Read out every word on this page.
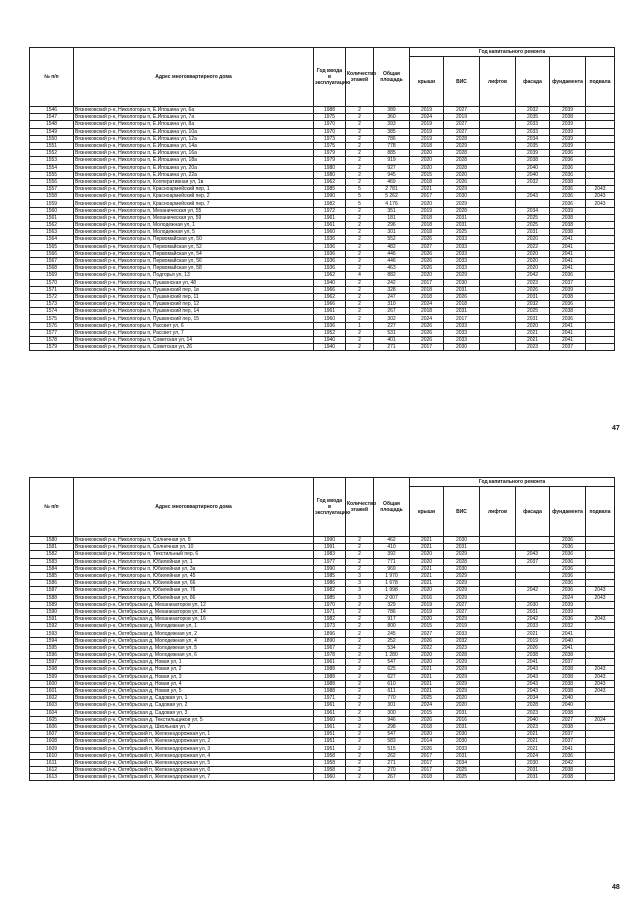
№ п/п	Адрес многоквартирного дома	Год ввода в эксплуатацию	Количество этажей	Общая площадь	Год капитального ремонта					
					крыши	ВИС	лифтов	фасада	фундамента	подвала
1546	Вязниковский р-н, Никологоры п, Е.Ипошина ул, 6а	1988	2	389	2019	2027		2032	2039	
1547	Вязниковский р-н, Никологоры п, Е.Ипошина ул, 7а	1975	2	360	2024	2019		2035	2038	
1548	Вязниковский р-н, Никологоры п, Е.Ипошина ул, 8а	1970	2	393	2019	2027		2033	2039	
1549	Вязниковский р-н, Никологоры п, Е.Ипошина ул, 10а	1970	2	385	2019	2027		2033	2039	
1550	Вязниковский р-н, Никологоры п, Е.Ипошина ул, 12а	1973	2	786	2019	2028		2034	2039	
1551	Вязниковский р-н, Никологоры п, Е.Ипошина ул, 14а	1975	2	778	2018	2029		2035	2039	
1552	Вязниковский р-н, Никологоры п, Е.Ипошина ул, 16а	1979	2	885	2020	2028		2039	2036	
1553	Вязниковский р-н, Никологоры п, Е.Ипошина ул, 18а	1979	2	919	2020	2028		2038	2036	
1554	Вязниковский р-н, Никологоры п, Е.Ипошина ул, 20а	1980	2	927	2020	2028		2040	2036	
1555	Вязниковский р-н, Никологоры п, Е.Ипошина ул, 22а	1980	2	945	2015	2020		2040	2036	
1556	Вязниковский р-н, Никологоры п, Кооперативная ул, 1в	1962	2	469	2018	2026		2032	2038	
1557	Вязниковский р-н, Никологоры п, Красноармейский пер, 1	1985	5	2 781	2021	2029			2036	2043
1558	Вязниковский р-н, Никологоры п, Красноармейский пер, 2	1990	5	5 262	2017	2030		2043	2036	2043
1559	Вязниковский р-н, Никологоры п, Красноармейский пер, 7	1982	5	4 176	2020	2029			2036	2043
1560	Вязниковский р-н, Никологоры п, Механическая ул, 55	1972	2	351	2019	2028		2034	2039	
1561	Вязниковский р-н, Никологоры п, Механическая ул, 59	1961	2	181	2018	2031		2025	2038	
1562	Вязниковский р-н, Никологоры п, Молодежная ул, 1	1961	2	296	2018	2031		2025	2038	
1563	Вязниковский р-н, Никологоры п, Молодежная ул, 5	1960	2	301	2018	2025		2031	2038	
1564	Вязниковский р-н, Никологоры п, Первомайская ул, 50	1936	2	552	2026	2033		2020	2041	
1565	Вязниковский р-н, Никологоры п, Первомайская ул, 52	1936	2	482	2027	2033		2022	2041	
1566	Вязниковский р-н, Никологоры п, Первомайская ул, 54	1936	2	446	2026	2033		2020	2041	
1567	Вязниковский р-н, Никологоры п, Первомайская ул, 56	1936	2	446	2026	2033		2020	2041	
1568	Вязниковский р-н, Никологоры п, Первомайская ул, 58	1936	2	463	2026	2033		2020	2041	
1569	Вязниковский р-н, Никологоры п, Подгорья ул, 13	1962	4	882	2020	2029		2042	2036	
1570	Вязниковский р-н, Никологоры п, Пушкинская ул, 48	1940	2	242	2017	2030		2023	2037	
1571	Вязниковский р-н, Никологоры п, Пушкинский пер, 1в	1966	2	328	2018	2031		2026	2039	
1572	Вязниковский р-н, Никологоры п, Пушкинский пер, 11	1962	2	247	2018	2026		2031	2038	
1573	Вязниковский р-н, Никологоры п, Пушкинский пер, 12	1966	2	310	2024	2018		2032	2036	
1574	Вязниковский р-н, Никологоры п, Пушкинский пер, 14	1961	2	267	2018	2031		2025	2038	
1575	Вязниковский р-н, Никологоры п, Пушкинский пер, 15	1960	2	302	2024	2017		2031	2036	
1576	Вязниковский р-н, Никологоры п, Рассвет ул, 6	1936	1	227	2026	2033		2020	2041	
1577	Вязниковский р-н, Никологоры п, Рассвет ул, 7	1952	2	531	2026	2033		2021	2041	
1578	Вязниковский р-н, Никологоры п, Советская ул, 14	1940	2	401	2026	2033		2021	2041	
1579	Вязниковский р-н, Никологоры п, Советская ул, 26	1940	2	271	2017	2030		2023	2037	
47
№ п/п	Адрес многоквартирного дома	Год ввода в эксплуатацию	Количество этажей	Общая площадь	Год капитального ремонта					
					крыши	ВИС	лифтов	фасада	фундамента	подвала
1580	Вязниковский р-н, Никологоры п, Солнечная ул, 8	1990	2	462	2021	2030			2036	
1581	Вязниковский р-н, Никологоры п, Солнечная ул, 10	1991	2	410	2021	2031			2036	
1582	Вязниковский р-н, Никологоры п, Текстильный пер, 6	1983	2	392	2020	2029		2043	2036	
1583	Вязниковский р-н, Никологоры п, Юбилейная ул, 1	1977	2	771	2020	2028		2037	2036	
1584	Вязниковский р-н, Никологоры п, Юбилейная ул, 3а	1990	2	969	2021	2030			2036	
1585	Вязниковский р-н, Никологоры п, Юбилейная ул, 45	1985	3	1 970	2021	2029			2036	
1586	Вязниковский р-н, Никологоры п, Юбилейная ул, 66	1986	3	1 678	2021	2029			2036	
1587	Вязниковский р-н, Никологоры п, Юбилейная ул, 76	1982	3	1 998	2020	2029		2042	2036	2043
1588	Вязниковский р-н, Никологоры п, Юбилейная ул, 86	1985	3	2 007	2016	2029			2024	2043
1589	Вязниковский р-н, Октябрьская д, Механизаторов ул, 12	1970	2	329	2019	2027		2030	2039	
1590	Вязниковский р-н, Октябрьская д, Механизаторов ул, 14	1971	2	786	2019	2027		2031	2039	
1591	Вязниковский р-н, Октябрьская д, Механизаторов ул, 16	1982	2	917	2020	2029		2042	2036	2043
1592	Вязниковский р-н, Октябрьская д, Молодежная ул, 1	1973	2	800	2015	2019		2033	2032	
1593	Вязниковский р-н, Октябрьская д, Молодежная ул, 2	1896	2	245	2027	2033		2021	2041	
1594	Вязниковский р-н, Октябрьская д, Молодежная ул, 4	1890	2	252	2026	2032		2019	2040	
1595	Вязниковский р-н, Октябрьская д, Молодежная ул, 5	1967	2	534	2022	2023		2026	2041	
1596	Вязниковский р-н, Октябрьская д, Молодежная ул, 6	1978	2	1 280	2020	2028		2038	2038	
1597	Вязниковский р-н, Октябрьская д, Новая ул, 1	1961	2	547	2020	2029		2041	2037	
1598	Вязниковский р-н, Октябрьская д, Новая ул, 2	1988	2	625	2021	2029		2043	2038	2043
1599	Вязниковский р-н, Октябрьская д, Новая ул, 3	1988	2	627	2021	2029		2043	2038	2043
1600	Вязниковский р-н, Октябрьская д, Новая ул, 4	1988	2	610	2021	2029		2043	2038	2043
1601	Вязниковский р-н, Октябрьская д, Новая ул, 5	1988	2	611	2021	2029		2043	2038	2043
1602	Вязниковский р-н, Октябрьская д, Садовая ул, 1	1971	2	770	2025	2020		2034	2040	
1603	Вязниковский р-н, Октябрьская д, Садовая ул, 2	1961	2	301	2024	2020		2028	2040	
1604	Вязниковский р-н, Октябрьская д, Садовая ул, 3	1961	2	300	2015	2031		2023	2038	
1605	Вязниковский р-н, Октябрьская д, Текстильщиков ул, 5	1960	3	946	2026	2016		2040	2027	2024
1606	Вязниковский р-н, Октябрьская д, Школьная ул, 7	1961	2	298	2018	2031		2023	2038	
1607	Вязниковский р-н, Октябрьский п, Железнодорожная ул, 1	1951	2	547	2020	2030		2021	2037	
1608	Вязниковский р-н, Октябрьский п, Железнодорожная ул, 2	1951	2	583	2014	2030		2021	2037	
1609	Вязниковский р-н, Октябрьский п, Железнодорожная ул, 3	1951	2	515	2026	2033		2021	2041	
1610	Вязниковский р-н, Октябрьский п, Железнодорожная ул, 4	1958	2	262	2017	2031		2024	2036	
1611	Вязниковский р-н, Октябрьский п, Железнодорожная ул, 5	1958	2	271	2017	2034		2030	2042	
1612	Вязниковский р-н, Октябрьский п, Железнодорожная ул, 6	1958	2	270	2017	2025		2031	2038	
1613	Вязниковский р-н, Октябрьский п, Железнодорожная ул, 7	1960	2	267	2018	2025		2031	2038	
48
